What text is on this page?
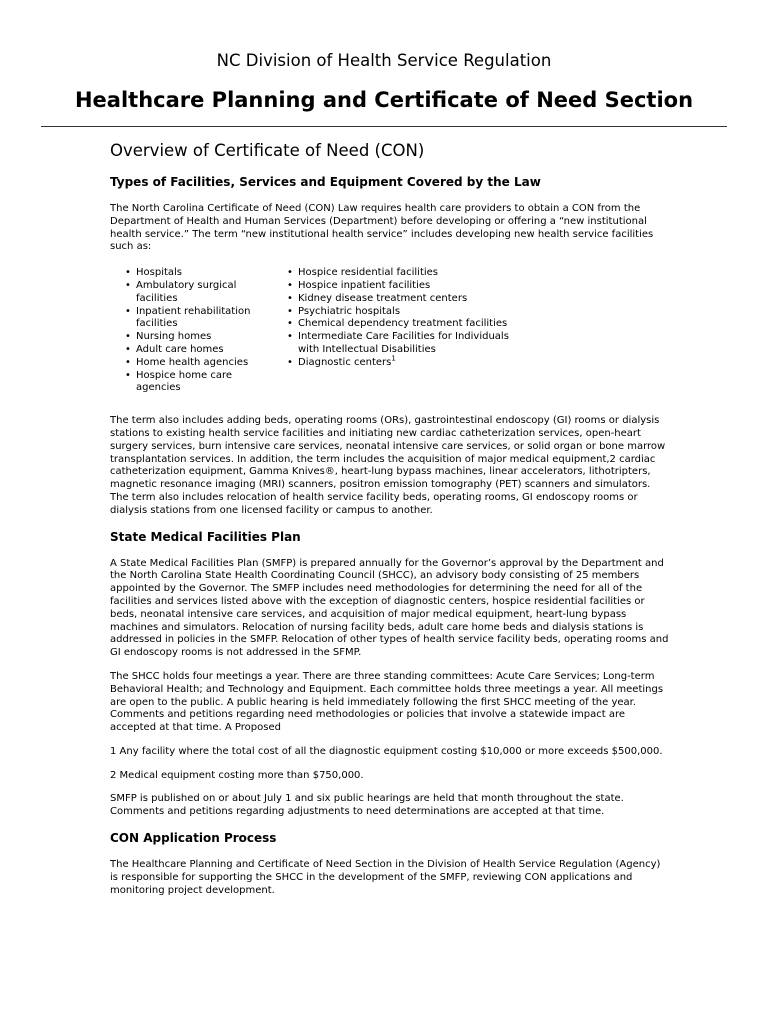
NC Division of Health Service Regulation
Healthcare Planning and Certificate of Need Section
Overview of Certificate of Need (CON)
Types of Facilities, Services and Equipment Covered by the Law

The North Carolina Certificate of Need (CON) Law requires health care providers to obtain a CON from the Department of Health and Human Services (Department) before developing or offering a “new institutional health service.” The term “new institutional health service” includes developing new health service facilities such as:

• Hospitals
• Ambulatory surgical facilities
• Inpatient rehabilitation facilities
• Nursing homes
• Adult care homes
• Home health agencies
• Hospice home care agencies
• Hospice residential facilities
• Hospice inpatient facilities
• Kidney disease treatment centers
• Psychiatric hospitals
• Chemical dependency treatment facilities
• Intermediate Care Facilities for Individuals with Intellectual Disabilities
• Diagnostic centers$^1$

The term also includes adding beds, operating rooms (ORs), gastrointestinal endoscopy (GI) rooms or dialysis stations to existing health service facilities and initiating new cardiac catheterization services, open-heart surgery services, burn intensive care services, neonatal intensive care services, or solid organ or bone marrow transplantation services. In addition, the term includes the acquisition of major medical equipment,2 cardiac catheterization equipment, Gamma Knives®, heart-lung bypass machines, linear accelerators, lithotripters, magnetic resonance imaging (MRI) scanners, positron emission tomography (PET) scanners and simulators. The term also includes relocation of health service facility beds, operating rooms, GI endoscopy rooms or dialysis stations from one licensed facility or campus to another.

State Medical Facilities Plan

A State Medical Facilities Plan (SMFP) is prepared annually for the Governor’s approval by the Department and the North Carolina State Health Coordinating Council (SHCC), an advisory body consisting of 25 members appointed by the Governor. The SMFP includes need methodologies for determining the need for all of the facilities and services listed above with the exception of diagnostic centers, hospice residential facilities or beds, neonatal intensive care services, and acquisition of major medical equipment, heart-lung bypass machines and simulators. Relocation of nursing facility beds, adult care home beds and dialysis stations is addressed in policies in the SMFP. Relocation of other types of health service facility beds, operating rooms and GI endoscopy rooms is not addressed in the SFMP.

The SHCC holds four meetings a year. There are three standing committees: Acute Care Services; Long-term Behavioral Health; and Technology and Equipment. Each committee holds three meetings a year. All meetings are open to the public. A public hearing is held immediately following the first SHCC meeting of the year. Comments and petitions regarding need methodologies or policies that involve a statewide impact are accepted at that time. A Proposed

1 Any facility where the total cost of all the diagnostic equipment costing $10,000 or more exceeds $500,000.

2 Medical equipment costing more than $750,000.

SMFP is published on or about July 1 and six public hearings are held that month throughout the state. Comments and petitions regarding adjustments to need determinations are accepted at that time.

CON Application Process

The Healthcare Planning and Certificate of Need Section in the Division of Health Service Regulation (Agency) is responsible for supporting the SHCC in the development of the SMFP, reviewing CON applications and monitoring project development.
